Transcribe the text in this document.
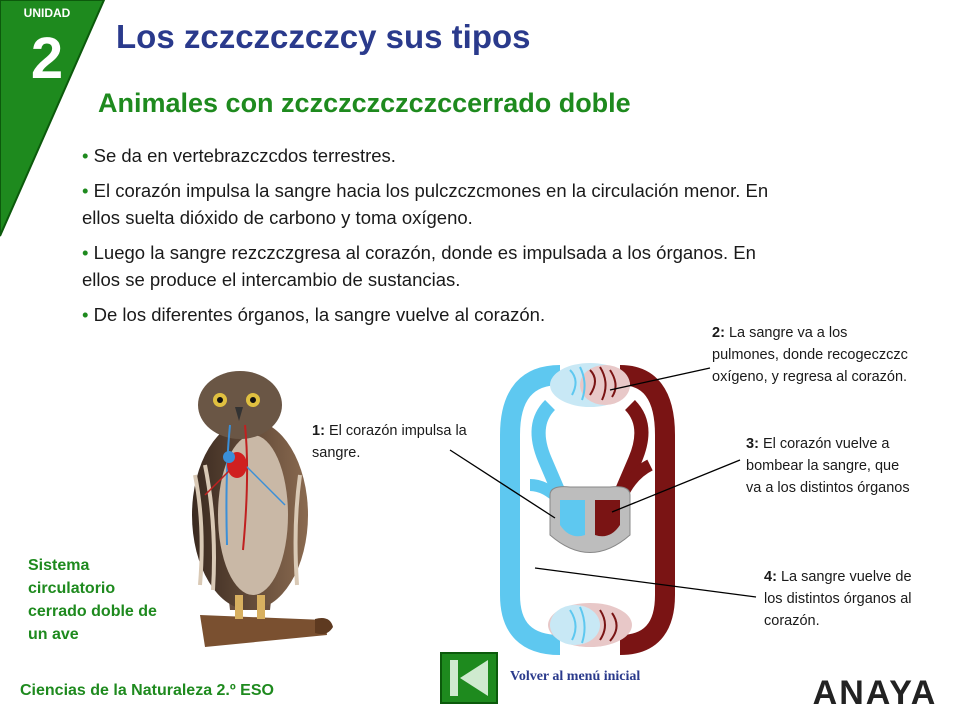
UNIDAD
2	Los zczczczczcy sus tipos
Animales con zczczczczczccerrado doble

• Se da en vertebrazczcdos terrestres.

• El corazón impulsa la sangre hacia los pulczczcmones en la circulación menor. En ellos suelta dióxido de carbono y toma oxígeno.

• Luego la sangre rezczczgresa al corazón, donde es impulsada a los órganos. En ellos se produce el intercambio de sustancias.

• De los diferentes órganos, la sangre vuelve al corazón.

Sistema circulatorio cerrado doble de un ave
1: El corazón impulsa la sangre.
2: La sangre va a los pulmones, donde recogeczczc oxígeno, y regresa al corazón.
3: El corazón vuelve a bombear la sangre, que va a los distintos órganos
4: La sangre vuelve de los distintos órganos al corazón.
Ciencias de la Naturaleza 2.º ESO
Volver al menú inicial	ANAYA
